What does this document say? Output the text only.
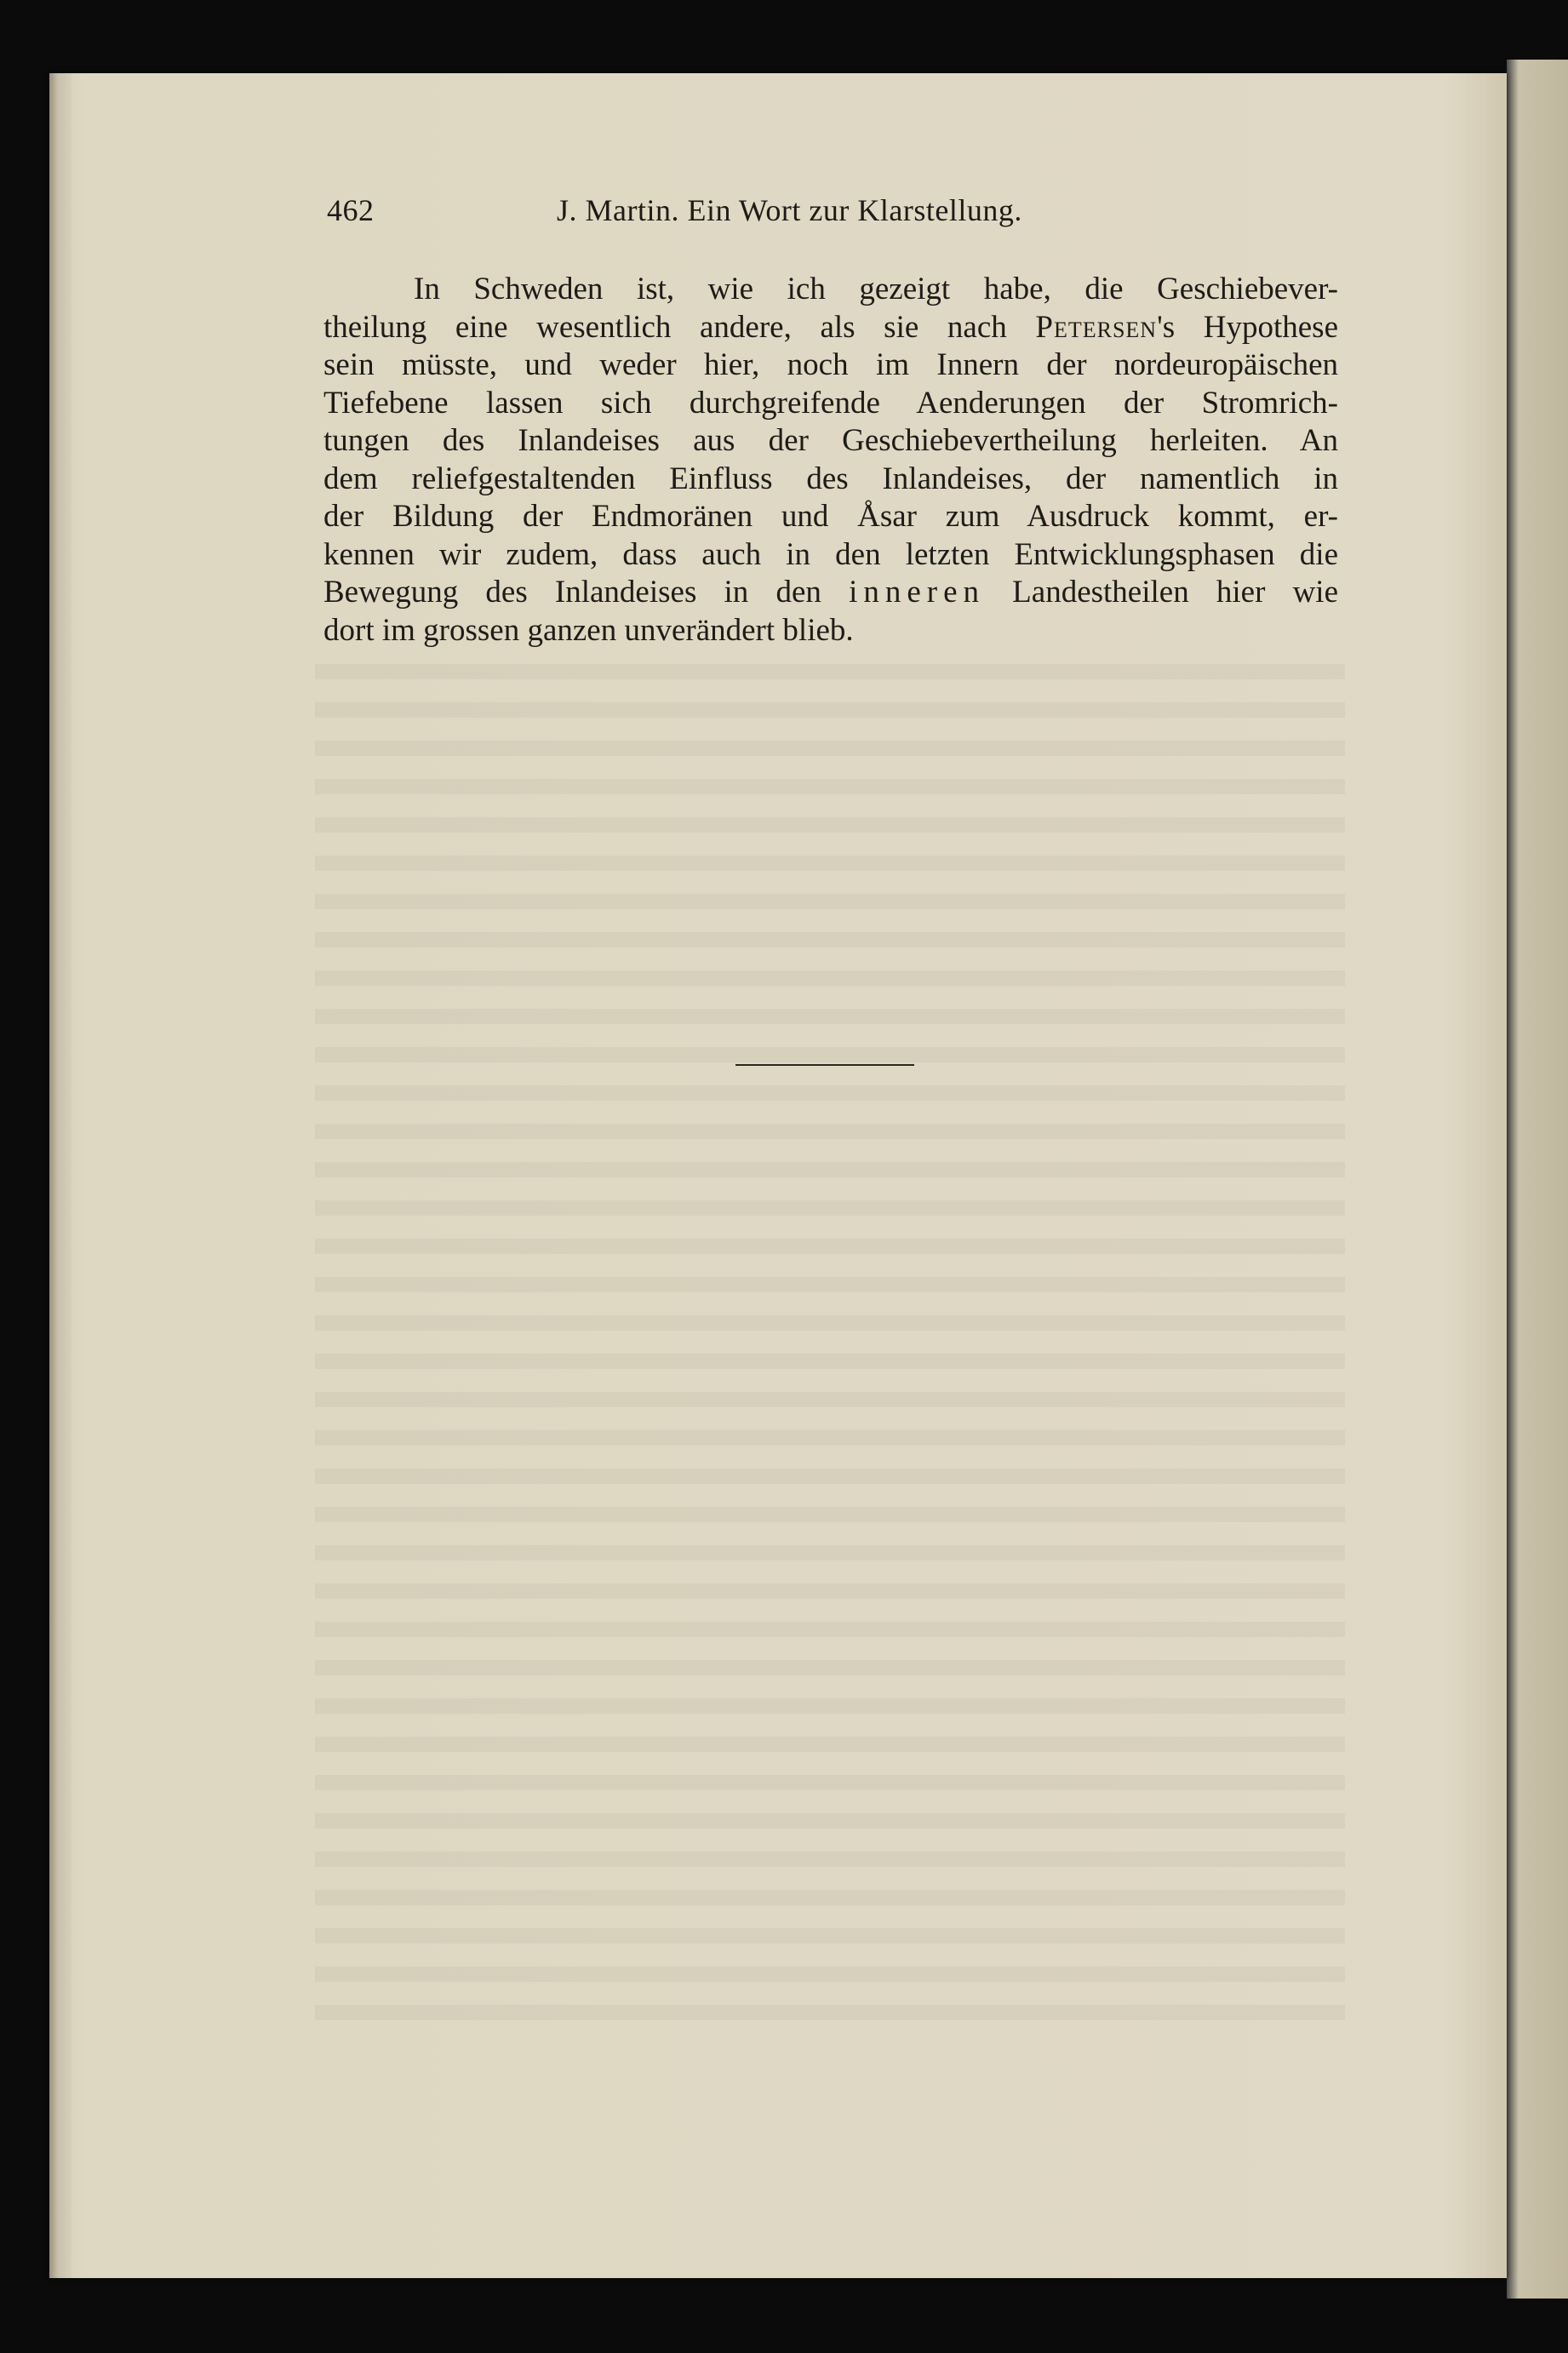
462	J. Martin. Ein Wort zur Klarstellung.
In Schweden ist, wie ich gezeigt habe, die Geschiebever-
theilung eine wesentlich andere, als sie nach Petersen's Hypothese
sein müsste, und weder hier, noch im Innern der nordeuropäischen
Tiefebene lassen sich durchgreifende Aenderungen der Stromrich-
tungen des Inlandeises aus der Geschiebevertheilung herleiten. An
dem reliefgestaltenden Einfluss des Inlandeises, der namentlich in
der Bildung der Endmoränen und Åsar zum Ausdruck kommt, er-
kennen wir zudem, dass auch in den letzten Entwicklungsphasen die
Bewegung des Inlandeises in den inneren Landestheilen hier wie
dort im grossen ganzen unverändert blieb.
